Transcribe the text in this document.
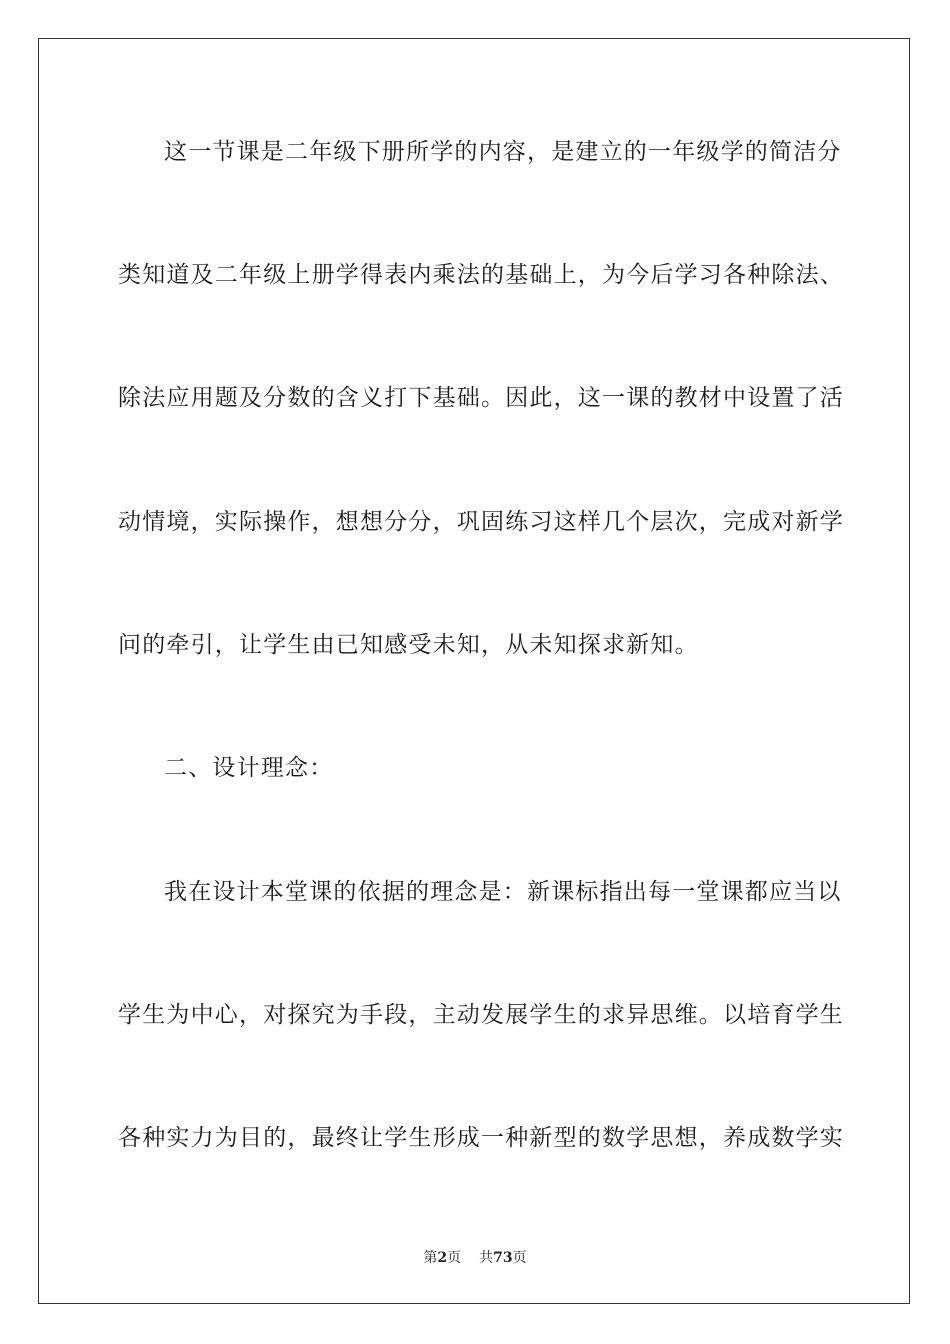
这一节课是二年级下册所学的内容，是建立的一年级学的简洁分
类知道及二年级上册学得表内乘法的基础上，为今后学习各种除法、
除法应用题及分数的含义打下基础。因此，这一课的教材中设置了活
动情境，实际操作，想想分分，巩固练习这样几个层次，完成对新学
问的牵引，让学生由已知感受未知，从未知探求新知。
二、设计理念：
我在设计本堂课的依据的理念是：新课标指出每一堂课都应当以
学生为中心，对探究为手段，主动发展学生的求异思维。以培育学生
各种实力为目的，最终让学生形成一种新型的数学思想，养成数学实
第2页 共73页
